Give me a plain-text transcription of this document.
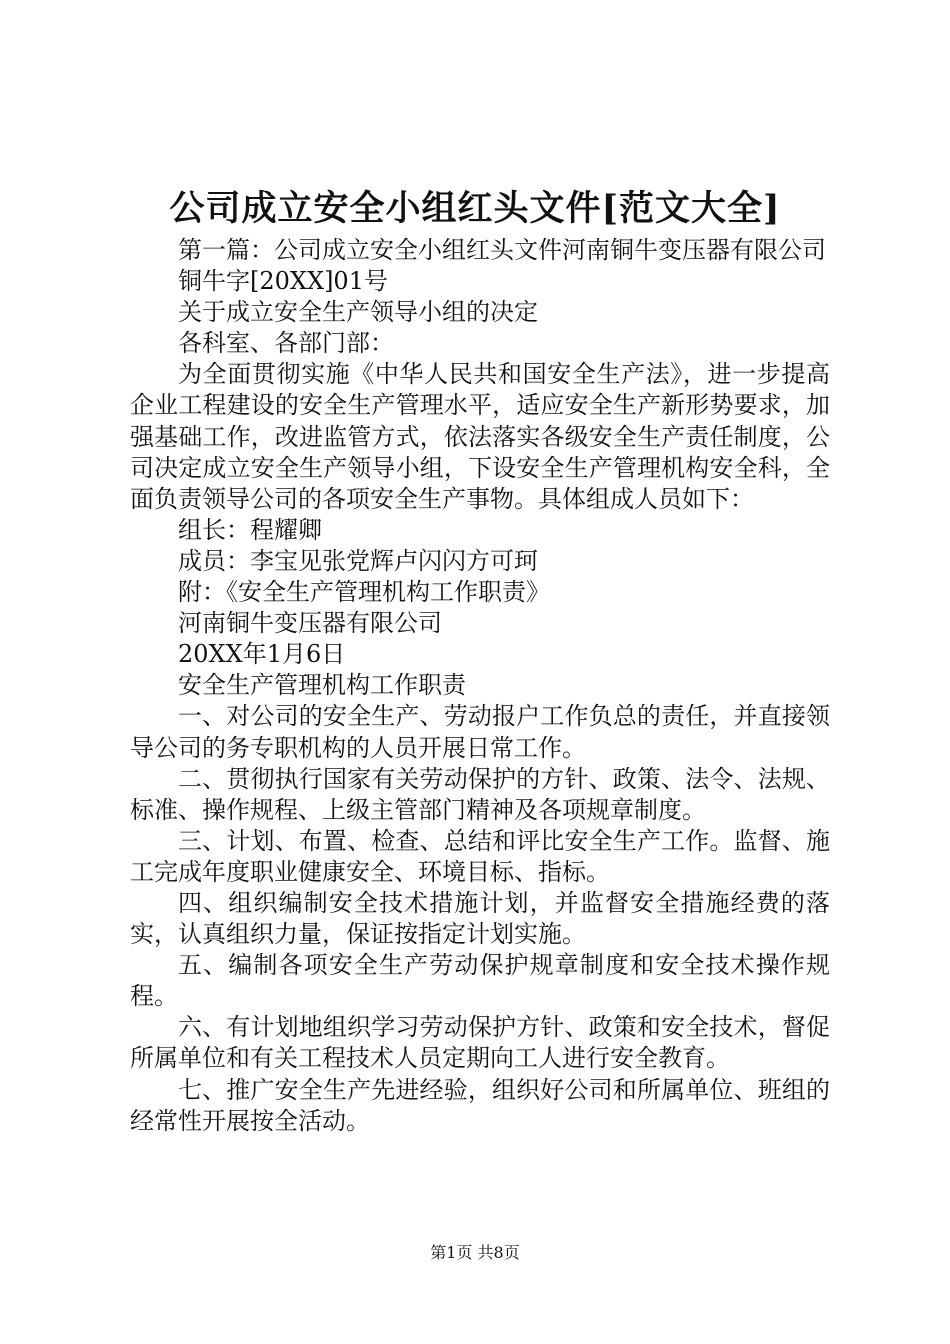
公司成立安全小组红头文件[范文大全]

第一篇：公司成立安全小组红头文件河南铜牛变压器有限公司

铜牛字[20XX]01号

关于成立安全生产领导小组的决定

各科室、各部门部：

为全面贯彻实施《中华人民共和国安全生产法》，进一步提高企业工程建设的安全生产管理水平，适应安全生产新形势要求，加强基础工作，改进监管方式，依法落实各级安全生产责任制度，公司决定成立安全生产领导小组，下设安全生产管理机构安全科，全面负责领导公司的各项安全生产事物。具体组成人员如下：

组长：程耀卿

成员：李宝见张党辉卢闪闪方可珂

附：《安全生产管理机构工作职责》

河南铜牛变压器有限公司

20XX年1月6日

安全生产管理机构工作职责

一、对公司的安全生产、劳动报户工作负总的责任，并直接领导公司的务专职机构的人员开展日常工作。

二、贯彻执行国家有关劳动保护的方针、政策、法令、法规、标准、操作规程、上级主管部门精神及各项规章制度。

三、计划、布置、检查、总结和评比安全生产工作。监督、施工完成年度职业健康安全、环境目标、指标。

四、组织编制安全技术措施计划，并监督安全措施经费的落实，认真组织力量，保证按指定计划实施。

五、编制各项安全生产劳动保护规章制度和安全技术操作规程。

六、有计划地组织学习劳动保护方针、政策和安全技术，督促所属单位和有关工程技术人员定期向工人进行安全教育。

七、推广安全生产先进经验，组织好公司和所属单位、班组的经常性开展按全活动。

第1页 共8页
